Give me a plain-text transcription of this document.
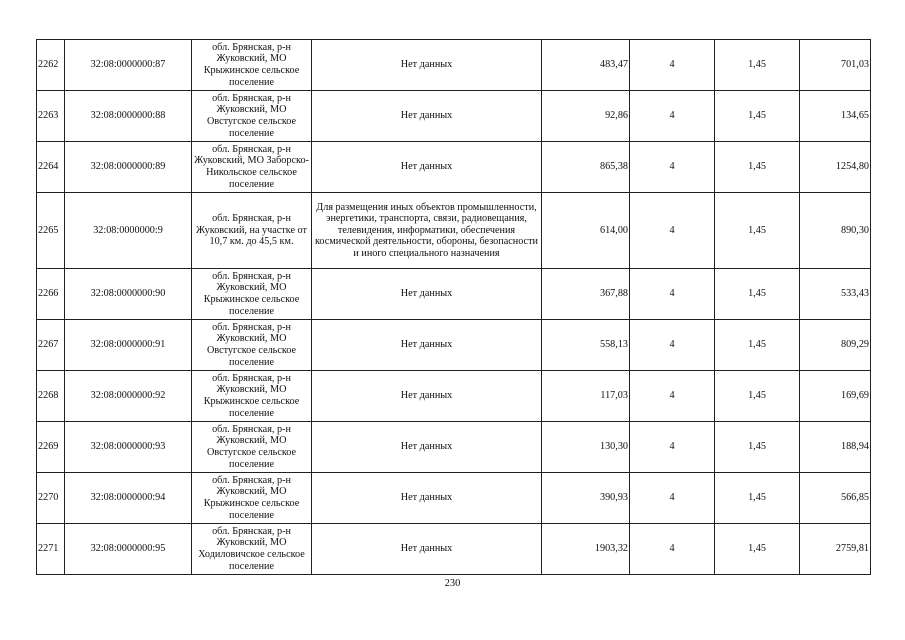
2262	32:08:0000000:87	обл. Брянская, р-н Жуковский, МО Крыжинское сельское поселение	Нет данных	483,47	4	1,45	701,03
2263	32:08:0000000:88	обл. Брянская, р-н Жуковский, МО Овстугское сельское поселение	Нет данных	92,86	4	1,45	134,65
2264	32:08:0000000:89	обл. Брянская, р-н Жуковский, МО Заборско-Никольское сельское поселение	Нет данных	865,38	4	1,45	1254,80
2265	32:08:0000000:9	обл. Брянская, р-н Жуковский, на участке от 10,7 км. до 45,5 км.	Для размещения иных объектов промышленности, энергетики, транспорта, связи, радиовещания, телевидения, информатики, обеспечения космической деятельности, обороны, безопасности и иного специального назначения	614,00	4	1,45	890,30
2266	32:08:0000000:90	обл. Брянская, р-н Жуковский, МО Крыжинское сельское поселение	Нет данных	367,88	4	1,45	533,43
2267	32:08:0000000:91	обл. Брянская, р-н Жуковский, МО Овстугское сельское поселение	Нет данных	558,13	4	1,45	809,29
2268	32:08:0000000:92	обл. Брянская, р-н Жуковский, МО Крыжинское сельское поселение	Нет данных	117,03	4	1,45	169,69
2269	32:08:0000000:93	обл. Брянская, р-н Жуковский, МО Овстугское сельское поселение	Нет данных	130,30	4	1,45	188,94
2270	32:08:0000000:94	обл. Брянская, р-н Жуковский, МО Крыжинское сельское поселение	Нет данных	390,93	4	1,45	566,85
2271	32:08:0000000:95	обл. Брянская, р-н Жуковский, МО Ходиловичское сельское поселение	Нет данных	1903,32	4	1,45	2759,81
230
